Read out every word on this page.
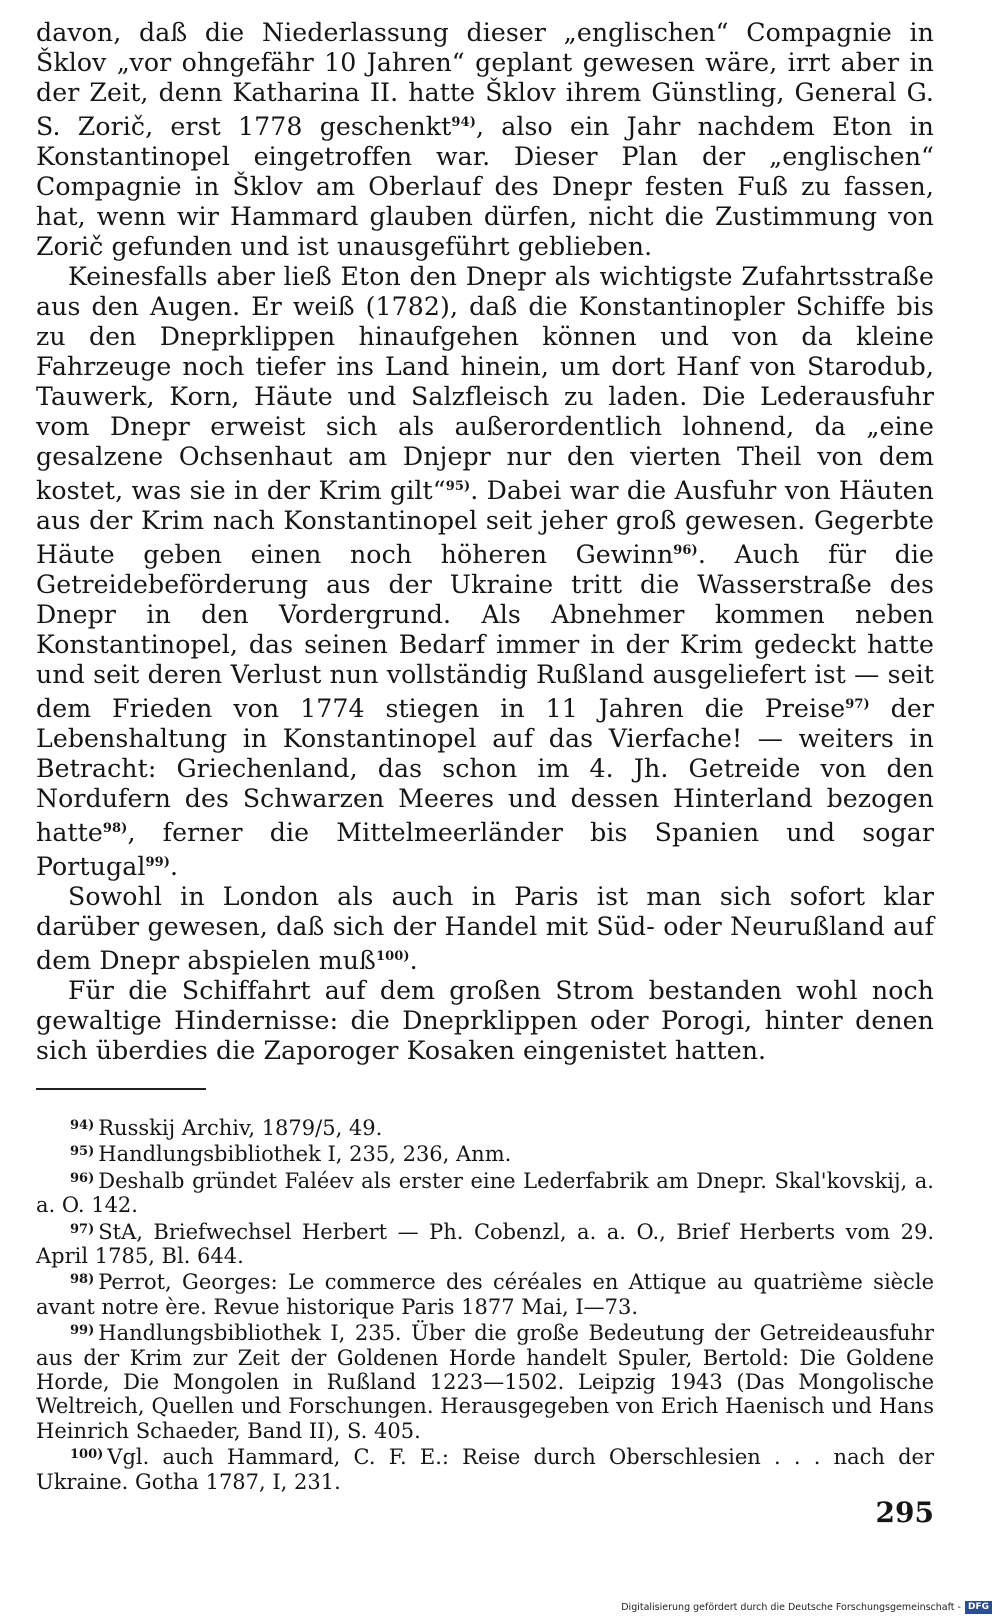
davon, daß die Niederlassung dieser „englischen“ Compagnie in Šklov „vor ohngefähr 10 Jahren“ geplant gewesen wäre, irrt aber in der Zeit, denn Katharina II. hatte Šklov ihrem Günstling, General G. S. Zorič, erst 1778 geschenkt$^{94)}$, also ein Jahr nachdem Eton in Konstantinopel eingetroffen war. Dieser Plan der „englischen“ Compagnie in Šklov am Oberlauf des Dnepr festen Fuß zu fassen, hat, wenn wir Hammard glauben dürfen, nicht die Zustimmung von Zorič gefunden und ist unausgeführt geblieben.

Keinesfalls aber ließ Eton den Dnepr als wichtigste Zufahrtsstraße aus den Augen. Er weiß (1782), daß die Konstantinopler Schiffe bis zu den Dneprklippen hinaufgehen können und von da kleine Fahrzeuge noch tiefer ins Land hinein, um dort Hanf von Starodub, Tauwerk, Korn, Häute und Salzfleisch zu laden. Die Lederausfuhr vom Dnepr erweist sich als außerordentlich lohnend, da „eine gesalzene Ochsenhaut am Dnjepr nur den vierten Theil von dem kostet, was sie in der Krim gilt“$^{95)}$. Dabei war die Ausfuhr von Häuten aus der Krim nach Konstantinopel seit jeher groß gewesen. Gegerbte Häute geben einen noch höheren Gewinn$^{96)}$. Auch für die Getreidebeförderung aus der Ukraine tritt die Wasserstraße des Dnepr in den Vordergrund. Als Abnehmer kommen neben Konstantinopel, das seinen Bedarf immer in der Krim gedeckt hatte und seit deren Verlust nun vollständig Rußland ausgeliefert ist — seit dem Frieden von 1774 stiegen in 11 Jahren die Preise$^{97)}$ der Lebenshaltung in Konstantinopel auf das Vierfache! — weiters in Betracht: Griechenland, das schon im 4. Jh. Getreide von den Nordufern des Schwarzen Meeres und dessen Hinterland bezogen hatte$^{98)}$, ferner die Mittelmeerländer bis Spanien und sogar Portugal$^{99)}$.

Sowohl in London als auch in Paris ist man sich sofort klar darüber gewesen, daß sich der Handel mit Süd- oder Neurußland auf dem Dnepr abspielen muß$^{100)}$.

Für die Schiffahrt auf dem großen Strom bestanden wohl noch gewaltige Hindernisse: die Dneprklippen oder Porogi, hinter denen sich überdies die Zaporoger Kosaken eingenistet hatten.

$^{94)}$ Russkij Archiv, 1879/5, 49.

$^{95)}$ Handlungsbibliothek I, 235, 236, Anm.

$^{96)}$ Deshalb gründet Faléev als erster eine Lederfabrik am Dnepr. Skal'kovskij, a. a. O. 142.

$^{97)}$ StA, Briefwechsel Herbert — Ph. Cobenzl, a. a. O., Brief Herberts vom 29. April 1785, Bl. 644.

$^{98)}$ Perrot, Georges: Le commerce des céréales en Attique au quatrième siècle avant notre ère. Revue historique Paris 1877 Mai, I—73.

$^{99)}$ Handlungsbibliothek I, 235. Über die große Bedeutung der Getreideausfuhr aus der Krim zur Zeit der Goldenen Horde handelt Spuler, Bertold: Die Goldene Horde, Die Mongolen in Rußland 1223—1502. Leipzig 1943 (Das Mongolische Weltreich, Quellen und Forschungen. Herausgegeben von Erich Haenisch und Hans Heinrich Schaeder, Band II), S. 405.

$^{100)}$ Vgl. auch Hammard, C. F. E.: Reise durch Oberschlesien . . . nach der Ukraine. Gotha 1787, I, 231.

295
Digitalisierung gefördert durch die Deutsche Forschungsgemeinschaft - DFG
